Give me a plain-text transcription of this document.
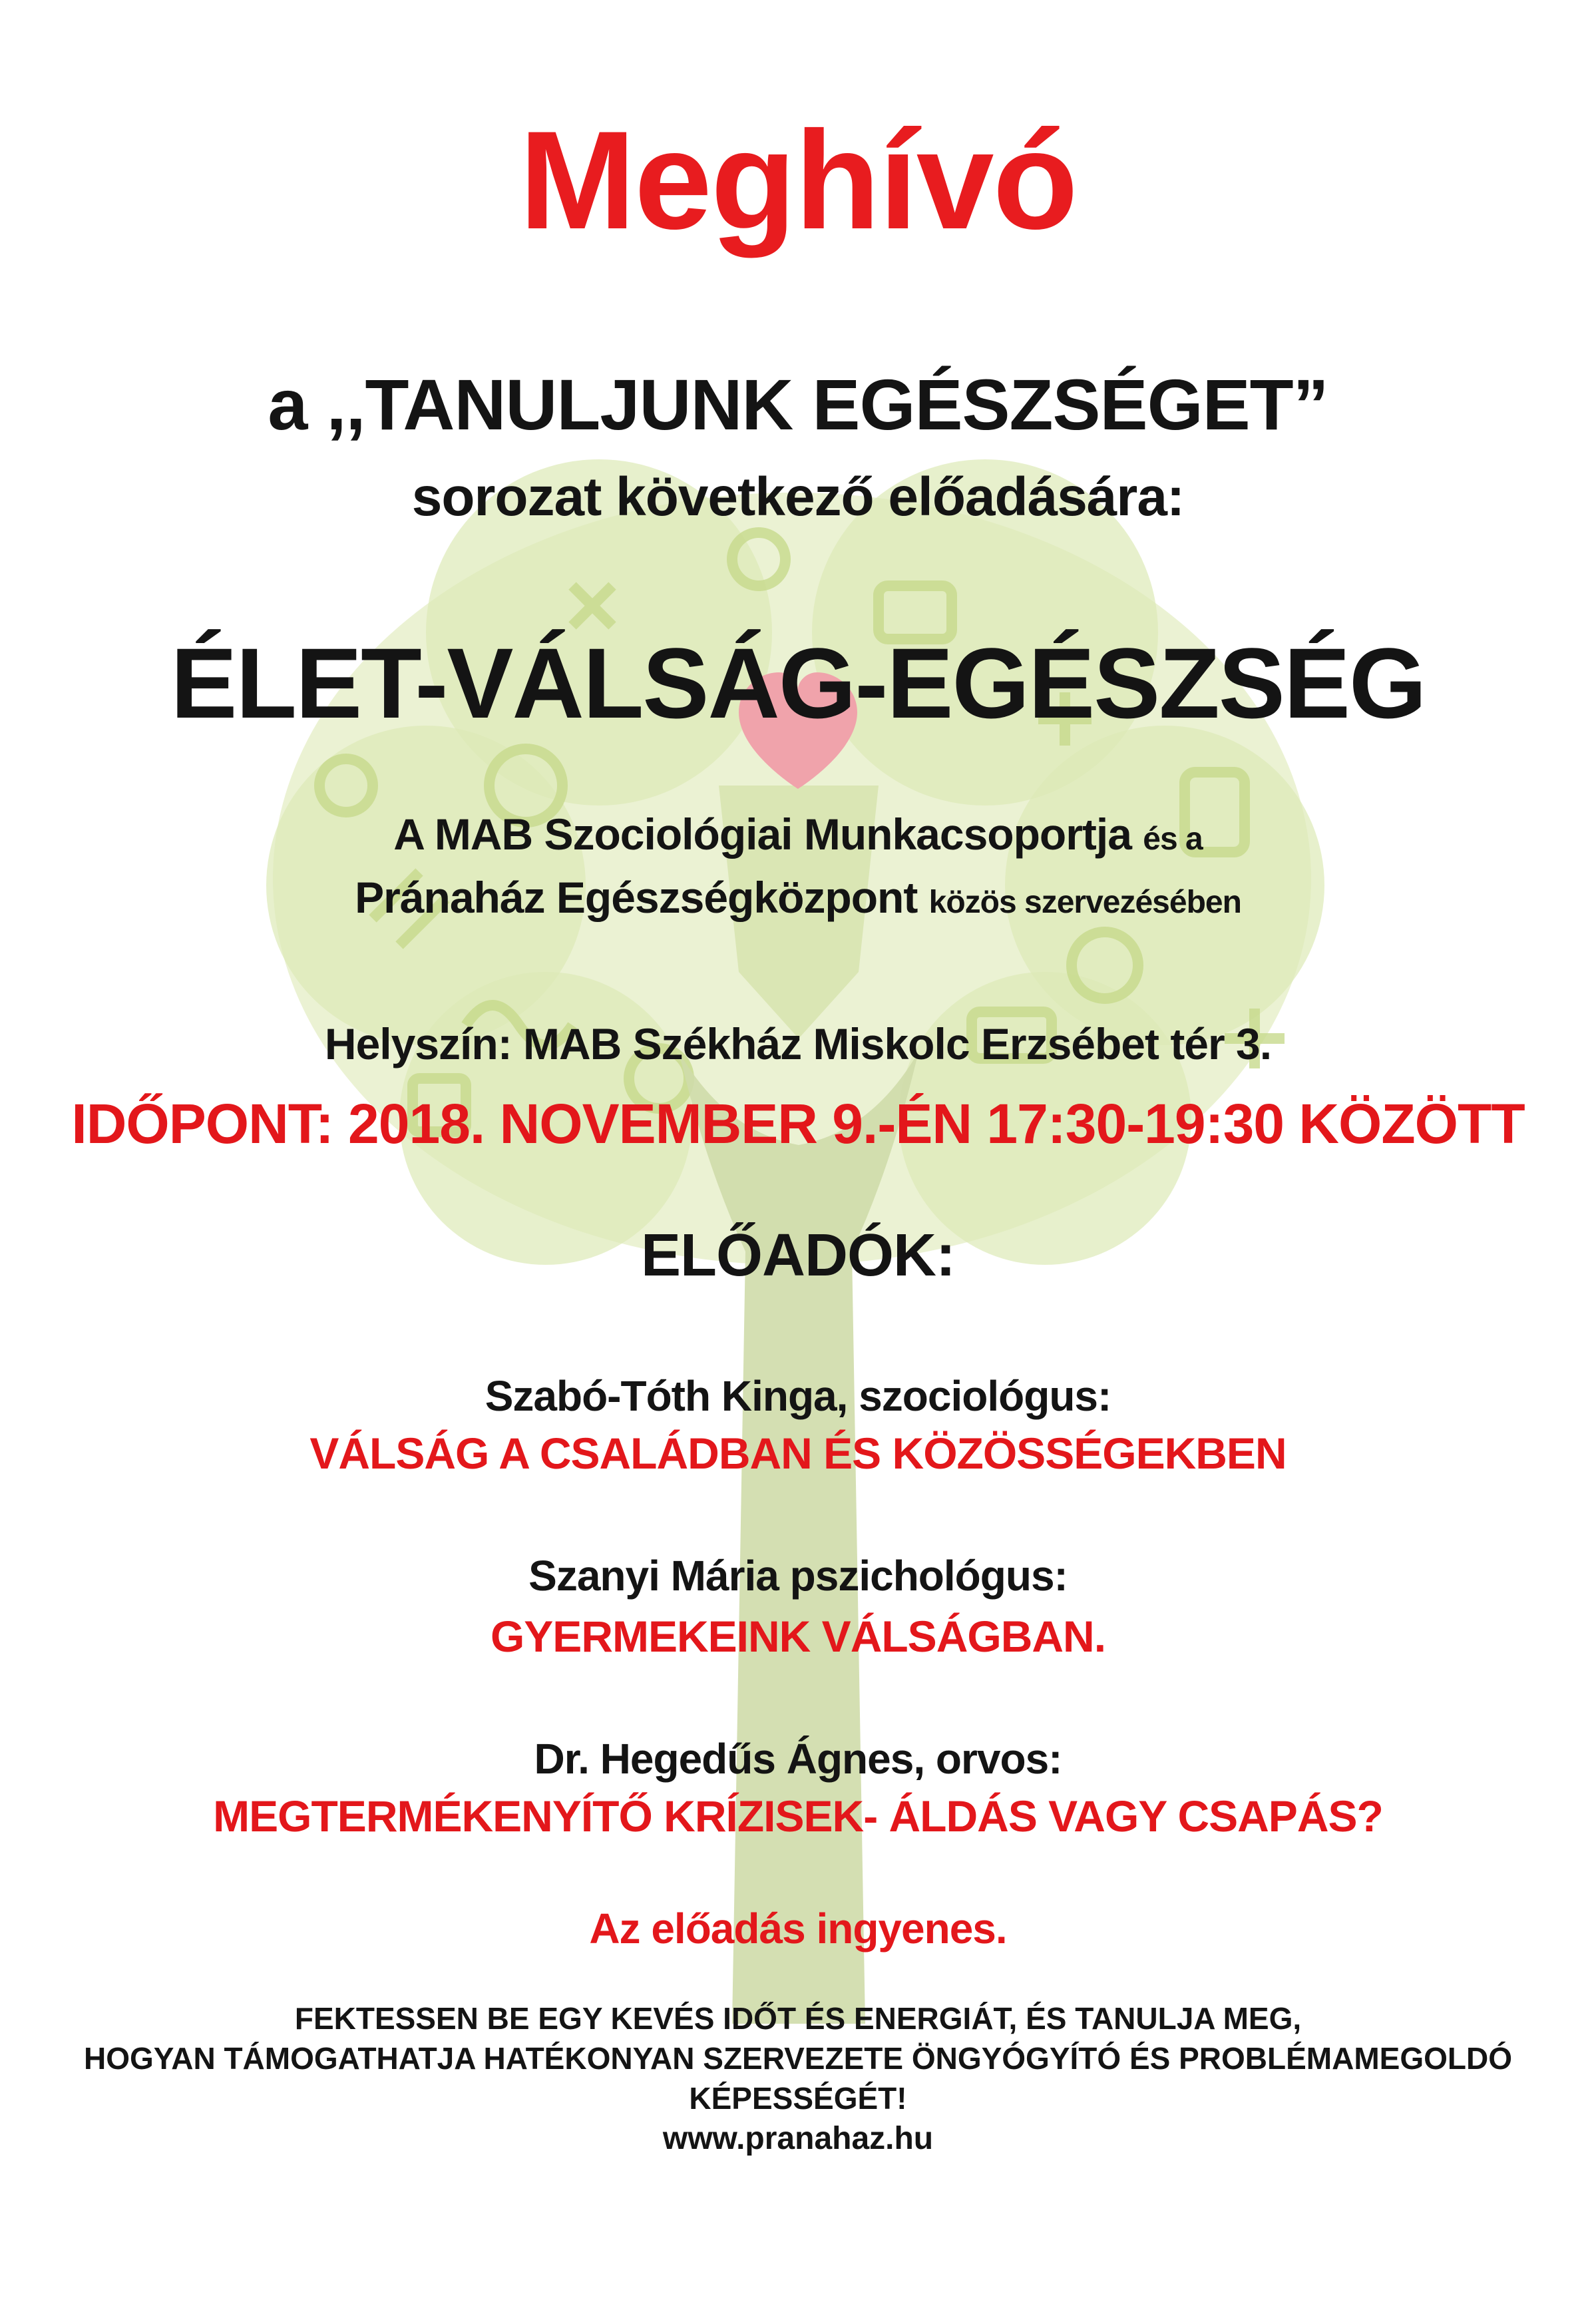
Meghívó
a ,,TANULJUNK EGÉSZSÉGET”
sorozat következő előadására:
ÉLET-VÁLSÁG-EGÉSZSÉG
A MAB Szociológiai Munkacsoportja és a
Pránaház Egészségközpont közös szervezésében
Helyszín: MAB Székház Miskolc Erzsébet tér 3.
IDŐPONT: 2018. NOVEMBER 9.-ÉN 17:30-19:30 KÖZÖTT
ELŐADÓK:
Szabó-Tóth Kinga, szociológus:
VÁLSÁG A CSALÁDBAN ÉS KÖZÖSSÉGEKBEN
Szanyi Mária pszichológus:
GYERMEKEINK VÁLSÁGBAN.
Dr. Hegedűs Ágnes, orvos:
MEGTERMÉKENYÍTŐ KRÍZISEK- ÁLDÁS VAGY CSAPÁS?
Az előadás ingyenes.
FEKTESSEN BE EGY KEVÉS IDŐT ÉS ENERGIÁT, ÉS TANULJA MEG,
HOGYAN TÁMOGATHATJA HATÉKONYAN SZERVEZETE ÖNGYÓGYÍTÓ ÉS PROBLÉMAMEGOLDÓ
KÉPESSÉGÉT!
www.pranahaz.hu
